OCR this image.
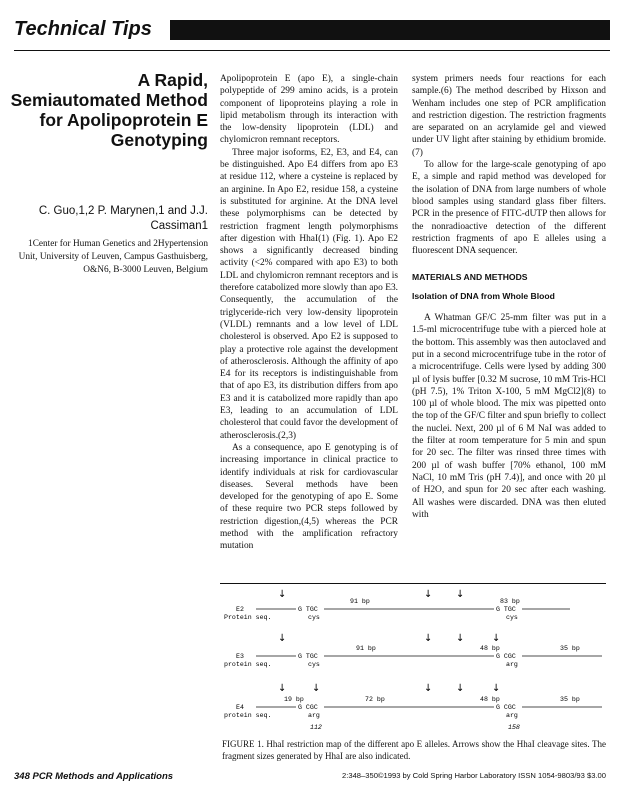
Technical Tips
A Rapid, Semiautomated Method for Apolipoprotein E Genotyping
C. Guo,1,2 P. Marynen,1 and J.J. Cassiman1
1Center for Human Genetics and 2Hypertension Unit, University of Leuven, Campus Gasthuisberg, O&N6, B-3000 Leuven, Belgium

Apolipoprotein E (apo E), a single-chain polypeptide of 299 amino acids, is a protein component of lipoproteins playing a role in lipid metabolism through its interaction with the low-density lipoprotein (LDL) and chylomicron remnant receptors.

Three major isoforms, E2, E3, and E4, can be distinguished. Apo E4 differs from apo E3 at residue 112, where a cysteine is replaced by an arginine. In Apo E2, residue 158, a cysteine is substituted for arginine. At the DNA level these polymorphisms can be detected by restriction fragment length polymorphisms after digestion with HhaI(1) (Fig. 1). Apo E2 shows a significantly decreased binding activity (<2% compared with apo E3) to both LDL and chylomicron remnant receptors and is therefore catabolized more slowly than apo E3. Consequently, the accumulation of the triglyceride-rich very low-density lipoprotein (VLDL) remnants and a low level of LDL cholesterol is observed. Apo E2 is supposed to play a protective role against the development of atherosclerosis. Although the affinity of apo E4 for its receptors is indistinguishable from that of apo E3, its distribution differs from apo E3 and it is catabolized more rapidly than apo E3, leading to an accumulation of LDL cholesterol that could favor the development of atherosclerosis.(2,3)

As a consequence, apo E genotyping is of increasing importance in clinical practice to identify individuals at risk for cardiovascular diseases. Several methods have been developed for the genotyping of apo E. Some of these require two PCR steps followed by restriction digestion,(4,5) whereas the PCR method with the amplification refractory mutation

system primers needs four reactions for each sample.(6) The method described by Hixson and Wenham includes one step of PCR amplification and restriction digestion. The restriction fragments are separated on an acrylamide gel and viewed under UV light after staining by ethidium bromide.(7)

To allow for the large-scale genotyping of apo E, a simple and rapid method was developed for the isolation of DNA from large numbers of whole blood samples using standard glass fiber filters. PCR in the presence of FITC-dUTP then allows for the nonradioactive detection of the different restriction fragments of apo E alleles using a fluorescent DNA sequencer.

MATERIALS AND METHODS

Isolation of DNA from Whole Blood

A Whatman GF/C 25-mm filter was put in a 1.5-ml microcentrifuge tube with a pierced hole at the bottom. This assembly was then autoclaved and put in a second microcentrifuge tube in the rotor of a microcentrifuge. Cells were lysed by adding 300 µl of lysis buffer [0.32 M sucrose, 10 mM Tris-HCl (pH 7.5), 1% Triton X-100, 5 mM MgCl2](8) to 100 µl of whole blood. The mix was pipetted onto the top of the GF/C filter and spun briefly to collect the nuclei. Next, 200 µl of 6 M NaI was added to the filter at room temperature for 5 min and spun for 20 sec. The filter was rinsed three times with 200 µl of wash buffer [70% ethanol, 100 mM NaCl, 10 mM Tris (pH 7.4)], and once with 20 µl of H2O, and spun for 20 sec after each washing. All washes were discarded. DNA was then eluted with

↓	↓ ↓
91 bp	83 bp
E2	G TGC	G TGC
Protein seq.	cys	cys
↓	↓ ↓	↓
91 bp	48 bp	35 bp
E3	G TGC	G CGC
protein seq.	cys	arg
↓	↓	↓ ↓	↓
19 bp	72 bp	48 bp	35 bp
E4	G CGC	G CGC
protein seq.	arg	arg
112	158
FIGURE 1. HhaI restriction map of the different apo E alleles. Arrows show the HhaI cleavage sites. The fragment sizes generated by HhaI are also indicated.
348 PCR Methods and Applications	2:348–350©1993 by Cold Spring Harbor Laboratory ISSN 1054-9803/93 $3.00
